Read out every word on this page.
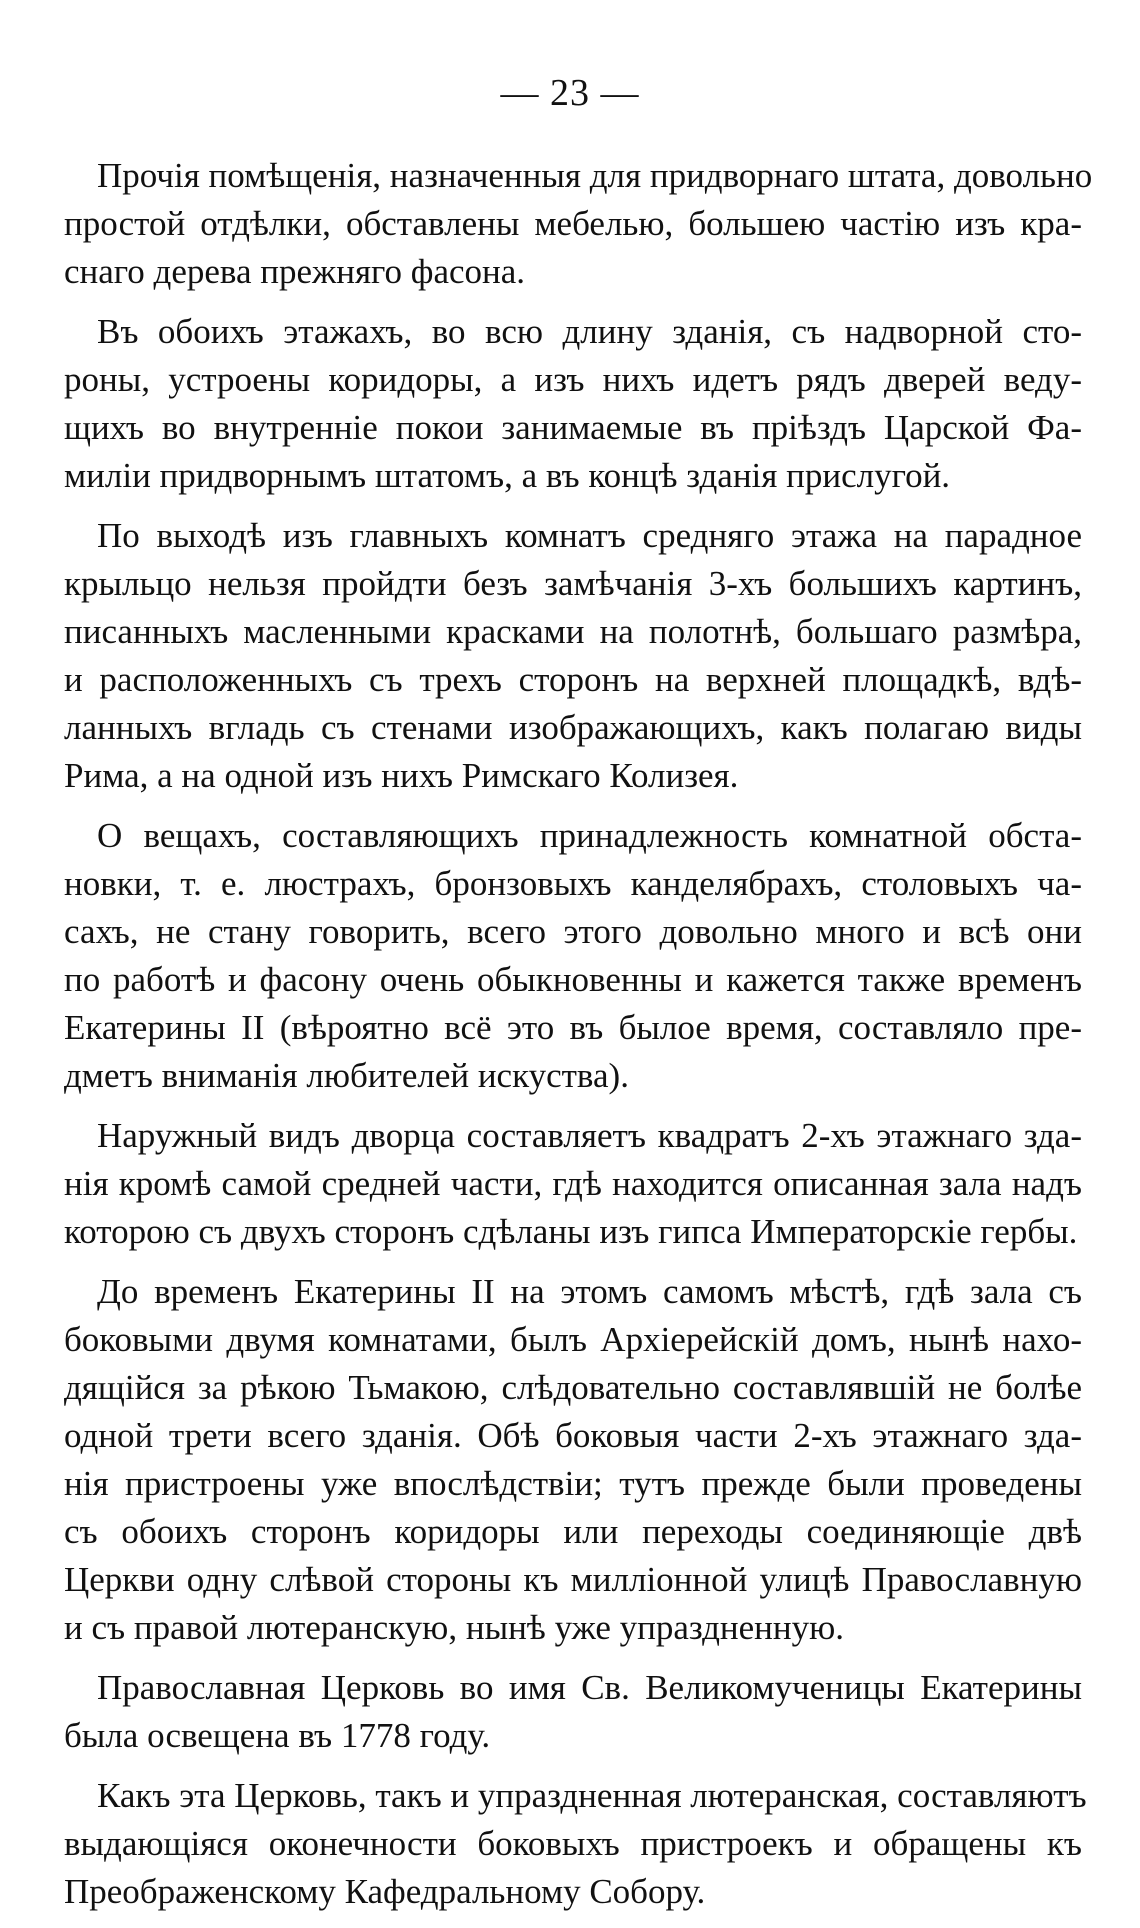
— 23 —

Прочія помѣщенія, назначенныя для придворнаго штата, довольно
простой отдѣлки, обставлены мебелью, большею частію изъ кра-
снаго дерева прежняго фасона.

Въ обоихъ этажахъ, во всю длину зданія, съ надворной сто-
роны, устроены коридоры, а изъ нихъ идетъ рядъ дверей веду-
щихъ во внутренніе покои занимаемые въ пріѣздъ Царской Фа-
миліи придворнымъ штатомъ, а въ концѣ зданія прислугой.

По выходѣ изъ главныхъ комнатъ средняго этажа на парадное
крыльцо нельзя пройдти безъ замѣчанія 3-хъ большихъ картинъ,
писанныхъ масленными красками на полотнѣ, большаго размѣра,
и расположенныхъ съ трехъ сторонъ на верхней площадкѣ, вдѣ-
ланныхъ вгладь съ стенами изображающихъ, какъ полагаю виды
Рима, а на одной изъ нихъ Римскаго Колизея.

О вещахъ, составляющихъ принадлежность комнатной обста-
новки, т. е. люстрахъ, бронзовыхъ канделябрахъ, столовыхъ ча-
сахъ, не стану говорить, всего этого довольно много и всѣ они
по работѣ и фасону очень обыкновенны и кажется также временъ
Екатерины II (вѣроятно всё это въ былое время, составляло пре-
дметъ вниманія любителей искуства).

Наружный видъ дворца составляетъ квадратъ 2-хъ этажнаго зда-
нія кромѣ самой средней части, гдѣ находится описанная зала надъ
которою съ двухъ сторонъ сдѣланы изъ гипса Императорскіе гербы.

До временъ Екатерины II на этомъ самомъ мѣстѣ, гдѣ зала съ
боковыми двумя комнатами, былъ Архіерейскій домъ, нынѣ нахо-
дящійся за рѣкою Тьмакою, слѣдовательно составлявшій не болѣе
одной трети всего зданія. Обѣ боковыя части 2-хъ этажнаго зда-
нія пристроены уже впослѣдствіи; тутъ прежде были проведены
съ обоихъ сторонъ коридоры или переходы соединяющіе двѣ
Церкви одну слѣвой стороны къ милліонной улицѣ Православную
и съ правой лютеранскую, нынѣ уже упраздненную.

Православная Церковь во имя Св. Великомученицы Екатерины
была освещена въ 1778 году.

Какъ эта Церковь, такъ и упраздненная лютеранская, составляютъ
выдающіяся оконечности боковыхъ пристроекъ и обращены къ
Преображенскому Кафедральному Собору.
